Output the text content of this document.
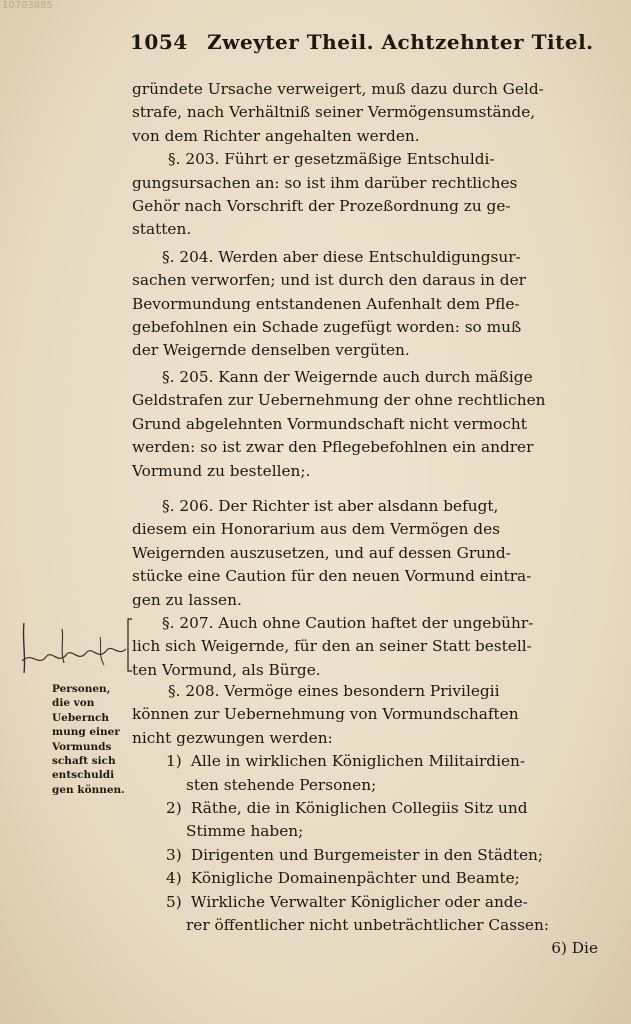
10703885
1054 Zweyter Theil. Achtzehnter Titel.
Personen,
die von
Uebernch
mung einer
Vormunds
schaft sich
entschuldi
gen können.
gründete Ursache verweigert, muß dazu durch Geld-
strafe, nach Verhältniß seiner Vermögensumstände,
von dem Richter angehalten werden.
§. 203. Führt er gesetzmäßige Entschuldi-
gungsursachen an: so ist ihm darüber rechtliches
Gehör nach Vorschrift der Prozeßordnung zu ge-
statten.
§. 204. Werden aber diese Entschuldigungsur-
sachen verworfen; und ist durch den daraus in der
Bevormundung entstandenen Aufenhalt dem Pfle-
gebefohlnen ein Schade zugefügt worden: so muß
der Weigernde denselben vergüten.
§. 205. Kann der Weigernde auch durch mäßige
Geldstrafen zur Uebernehmung der ohne rechtlichen
Grund abgelehnten Vormundschaft nicht vermocht
werden: so ist zwar den Pflegebefohlnen ein andrer
Vormund zu bestellen;.
§. 206. Der Richter ist aber alsdann befugt,
diesem ein Honorarium aus dem Vermögen des
Weigernden auszusetzen, und auf dessen Grund-
stücke eine Caution für den neuen Vormund eintra-
gen zu lassen.
§. 207. Auch ohne Caution haftet der ungebühr-
lich sich Weigernde, für den an seiner Statt bestell-
ten Vormund, als Bürge.
§. 208. Vermöge eines besondern Privilegii
können zur Uebernehmung von Vormundschaften
nicht gezwungen werden:
1) Alle in wirklichen Königlichen Militairdien-
sten stehende Personen;
2) Räthe, die in Königlichen Collegiis Sitz und
Stimme haben;
3) Dirigenten und Burgemeister in den Städten;
4) Königliche Domainenpächter und Beamte;
5) Wirkliche Verwalter Königlicher oder ande-
rer öffentlicher nicht unbeträchtlicher Cassen:
6) Die
